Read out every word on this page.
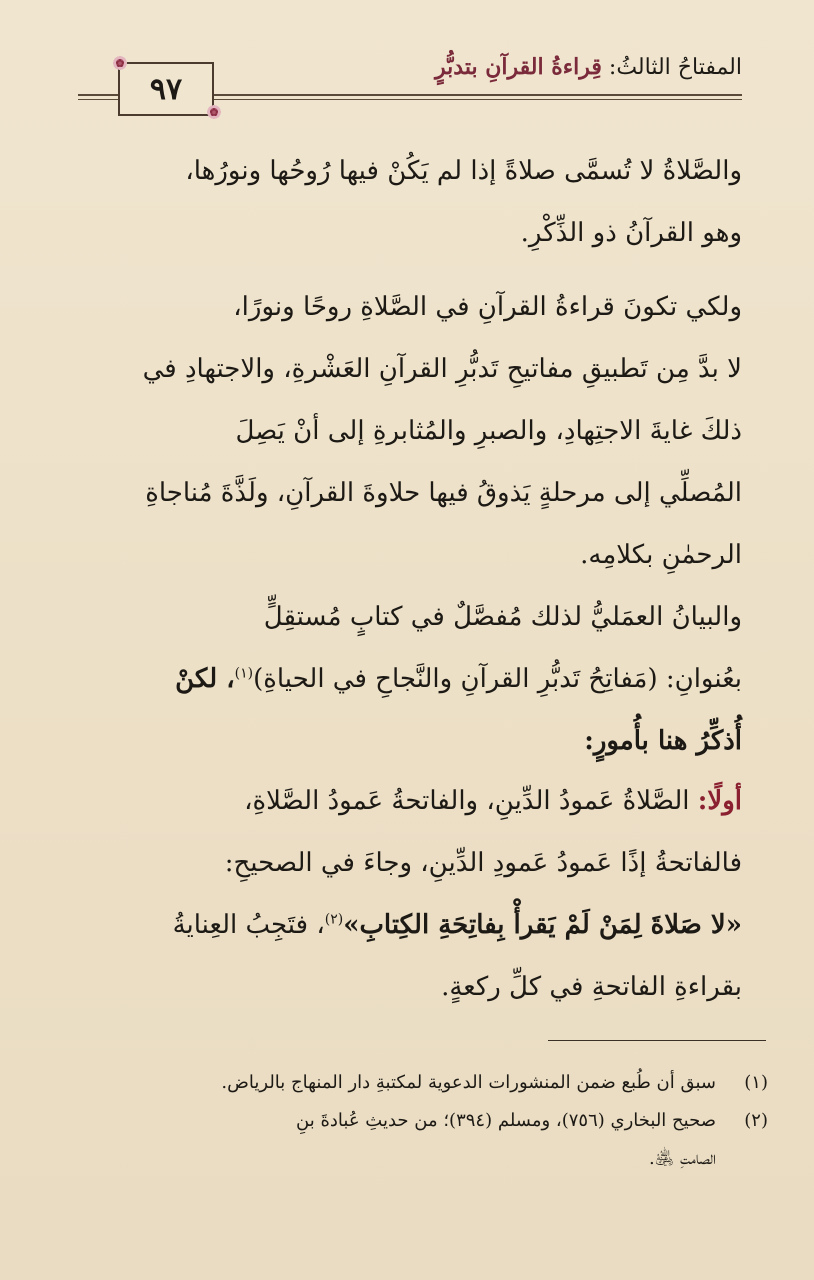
المفتاحُ الثالثُ: قِراءةُ القرآنِ بتدبُّرٍ
٩٧
✿
✿
والصَّلاةُ لا تُسمَّى صلاةً إذا لم يَكُنْ فيها رُوحُها ونورُها،
وهو القرآنُ ذو الذِّكْرِ.
ولكي تكونَ قراءةُ القرآنِ في الصَّلاةِ روحًا ونورًا،
لا بدَّ مِن تَطبيقِ مفاتيحِ تَدبُّرِ القرآنِ العَشْرةِ، والاجتهادِ في
ذلكَ غايةَ الاجتِهادِ، والصبرِ والمُثابرةِ إلى أنْ يَصِلَ
المُصلِّي إلى مرحلةٍ يَذوقُ فيها حلاوةَ القرآنِ، ولَذَّةَ مُناجاةِ
الرحمٰنِ بكلامِه.
والبيانُ العمَليُّ لذلك مُفصَّلٌ في كتابٍ مُستقِلٍّ
بعُنوانِ: (مَفاتِحُ تَدبُّرِ القرآنِ والنَّجاحِ في الحياةِ)$^{(١)}$، لكنْ
أُذكِّرُ هنا بأُمورٍ:
أولًا: الصَّلاةُ عَمودُ الدِّينِ، والفاتحةُ عَمودُ الصَّلاةِ،
فالفاتحةُ إذًا عَمودُ عَمودِ الدِّينِ، وجاءَ في الصحيحِ:
«لا صَلاةَ لِمَنْ لَمْ يَقرأْ بِفاتِحَةِ الكِتابِ»$^{(٢)}$، فتَجِبُ العِنايةُ
بقراءةِ الفاتحةِ في كلِّ ركعةٍ.
(١)سبق أن طُبع ضمن المنشورات الدعوية لمكتبةِ دار المنهاج بالرياض.
(٢)صحيح البخاري (٧٥٦)، ومسلم (٣٩٤)؛ من حديثِ عُبادةَ بنِ
الصامتِ ﵁.
